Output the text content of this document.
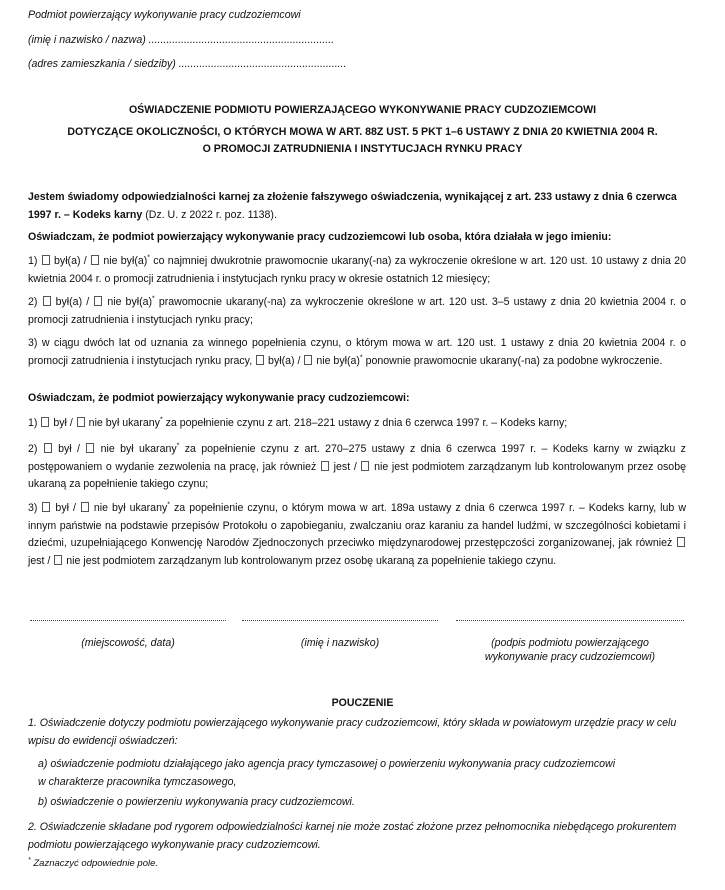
Podmiot powierzający wykonywanie pracy cudzoziemcowi
(imię i nazwisko / nazwa) ...............................................................
(adres zamieszkania / siedziby) .........................................................
OŚWIADCZENIE PODMIOTU POWIERZAJĄCEGO WYKONYWANIE PRACY CUDZOZIEMCOWI
DOTYCZĄCE OKOLICZNOŚCI, O KTÓRYCH MOWA W ART. 88Z UST. 5 PKT 1–6 USTAWY Z DNIA 20 KWIETNIA 2004 R.
O PROMOCJI ZATRUDNIENIA I INSTYTUCJACH RYNKU PRACY
Jestem świadomy odpowiedzialności karnej za złożenie fałszywego oświadczenia, wynikającej z art. 233 ustawy z dnia 6 czerwca 1997 r. – Kodeks karny (Dz. U. z 2022 r. poz. 1138).
Oświadczam, że podmiot powierzający wykonywanie pracy cudzoziemcowi lub osoba, która działała w jego imieniu:
1) był(a) / nie był(a)* co najmniej dwukrotnie prawomocnie ukarany(-na) za wykroczenie określone w art. 120 ust. 10 ustawy z dnia 20 kwietnia 2004 r. o promocji zatrudnienia i instytucjach rynku pracy w okresie ostatnich 12 miesięcy;
2) był(a) / nie był(a)* prawomocnie ukarany(-na) za wykroczenie określone w art. 120 ust. 3–5 ustawy z dnia 20 kwietnia 2004 r. o promocji zatrudnienia i instytucjach rynku pracy;
3) w ciągu dwóch lat od uznania za winnego popełnienia czynu, o którym mowa w art. 120 ust. 1 ustawy z dnia 20 kwietnia 2004 r. o promocji zatrudnienia i instytucjach rynku pracy, był(a) / nie był(a)* ponownie prawomocnie ukarany(-na) za podobne wykroczenie.
Oświadczam, że podmiot powierzający wykonywanie pracy cudzoziemcowi:
1) był / nie był ukarany* za popełnienie czynu z art. 218–221 ustawy z dnia 6 czerwca 1997 r. – Kodeks karny;
2) był / nie był ukarany* za popełnienie czynu z art. 270–275 ustawy z dnia 6 czerwca 1997 r. – Kodeks karny w związku z postępowaniem o wydanie zezwolenia na pracę, jak również jest / nie jest podmiotem zarządzanym lub kontrolowanym przez osobę ukaraną za popełnienie takiego czynu;
3) był / nie był ukarany* za popełnienie czynu, o którym mowa w art. 189a ustawy z dnia 6 czerwca 1997 r. – Kodeks karny, lub w innym państwie na podstawie przepisów Protokołu o zapobieganiu, zwalczaniu oraz karaniu za handel ludźmi, w szczególności kobietami i dziećmi, uzupełniającego Konwencję Narodów Zjednoczonych przeciwko międzynarodowej przestępczości zorganizowanej, jak również  jest / nie jest podmiotem zarządzanym lub kontrolowanym przez osobę ukaraną za popełnienie takiego czynu.
(miejscowość, data)	(imię i nazwisko)	(podpis podmiotu powierzającego
wykonywanie pracy cudzoziemcowi)
POUCZENIE
1. Oświadczenie dotyczy podmiotu powierzającego wykonywanie pracy cudzoziemcowi, który składa w powiatowym urzędzie pracy w celu wpisu do ewidencji oświadczeń:
a) oświadczenie podmiotu działającego jako agencja pracy tymczasowej o powierzeniu wykonywania pracy cudzoziemcowi w charakterze pracownika tymczasowego,
b) oświadczenie o powierzeniu wykonywania pracy cudzoziemcowi.
2. Oświadczenie składane pod rygorem odpowiedzialności karnej nie może zostać złożone przez pełnomocnika niebędącego prokurentem podmiotu powierzającego wykonywanie pracy cudzoziemcowi.
* Zaznaczyć odpowiednie pole.
